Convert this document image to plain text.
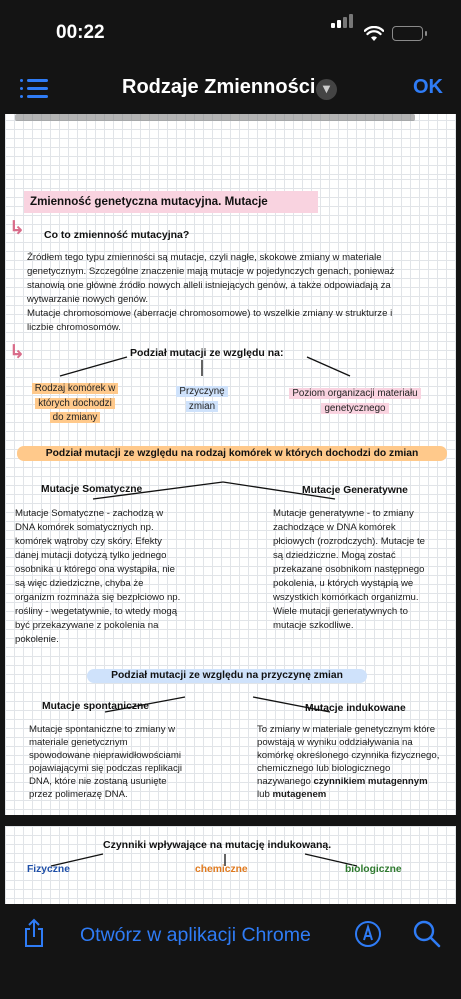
00:22
Rodzaje Zmienności ▼	OK
Zmienność genetyczna mutacyjna. Mutacje
↳ Co to zmienność mutacyjna?
Źródłem tego typu zmienności są mutacje, czyli nagłe, skokowe zmiany w materiale
genetycznym. Szczególne znaczenie mają mutacje w pojedynczych genach, ponieważ
stanowią one główne źródło nowych alleli istniejących genów, a także odpowiadają za
wytwarzanie nowych genów.
Mutacje chromosomowe (aberracje chromosomowe) to wszelkie zmiany w strukturze i
liczbie chromosomów.
↳	Podział mutacji ze względu na:
Rodzaj komórek w
których dochodzi
do zmiany
Przyczynę
zmian
Poziom organizacji materiału
genetycznego
Podział mutacji ze względu na rodzaj komórek w których dochodzi do zmian
Mutacje Somatyczne	Mutacje Generatywne
Mutacje Somatyczne - zachodzą w
DNA komórek somatycznych np.
komórek wątroby czy skóry. Efekty
danej mutacji dotyczą tylko jednego
osobnika u którego ona wystąpiła, nie
są więc dziedziczne, chyba że
organizm rozmnaża się bezpłciowo np.
rośliny - wegetatywnie, to wtedy mogą
być przekazywane z pokolenia na
pokolenie.
Mutacje generatywne - to zmiany
zachodzące w DNA komórek
płciowych (rozrodczych). Mutacje te
są dziedziczne. Mogą zostać
przekazane osobnikom następnego
pokolenia, u których wystąpią we
wszystkich komórkach organizmu.
Wiele mutacji generatywnych to
mutacje szkodliwe.
Podział mutacji ze względu na przyczynę zmian
Mutacje spontaniczne	Mutacje indukowane
Mutacje spontaniczne to zmiany w
materiale genetycznym
spowodowane nieprawidłowościami
pojawiającymi się podczas replikacji
DNA, które nie zostaną usunięte
przez polimerazę DNA.
To zmiany w materiale genetycznym które
powstają w wyniku oddziaływania na
komórkę określonego czynnika fizycznego,
chemicznego lub biologicznego
nazywanego czynnikiem mutagennym
lub mutagenem
Czynniki wpływające na mutację indukowaną.
Fizyczne	chemiczne	biologiczne
Otwórz w aplikacji Chrome
